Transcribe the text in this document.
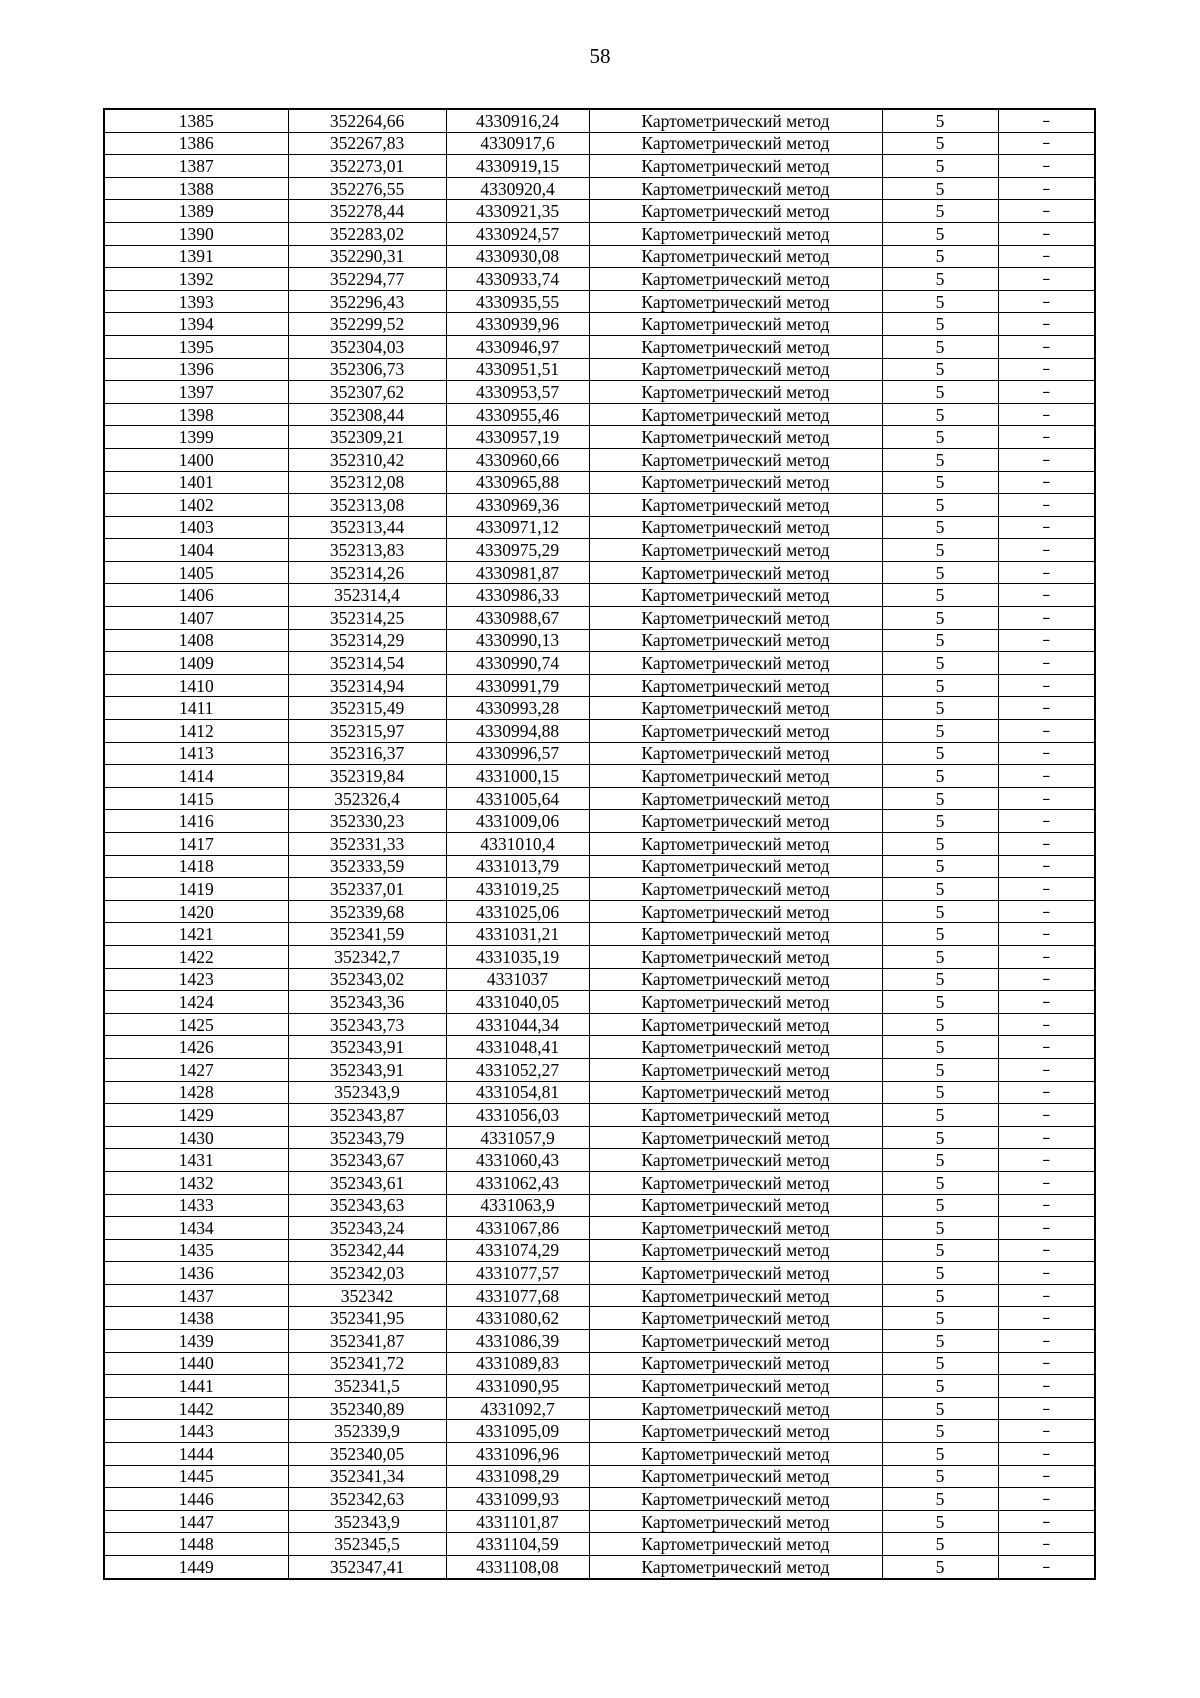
58
1385	352264,66	4330916,24	Картометрический метод	5	–
1386	352267,83	4330917,6	Картометрический метод	5	–
1387	352273,01	4330919,15	Картометрический метод	5	–
1388	352276,55	4330920,4	Картометрический метод	5	–
1389	352278,44	4330921,35	Картометрический метод	5	–
1390	352283,02	4330924,57	Картометрический метод	5	–
1391	352290,31	4330930,08	Картометрический метод	5	–
1392	352294,77	4330933,74	Картометрический метод	5	–
1393	352296,43	4330935,55	Картометрический метод	5	–
1394	352299,52	4330939,96	Картометрический метод	5	–
1395	352304,03	4330946,97	Картометрический метод	5	–
1396	352306,73	4330951,51	Картометрический метод	5	–
1397	352307,62	4330953,57	Картометрический метод	5	–
1398	352308,44	4330955,46	Картометрический метод	5	–
1399	352309,21	4330957,19	Картометрический метод	5	–
1400	352310,42	4330960,66	Картометрический метод	5	–
1401	352312,08	4330965,88	Картометрический метод	5	–
1402	352313,08	4330969,36	Картометрический метод	5	–
1403	352313,44	4330971,12	Картометрический метод	5	–
1404	352313,83	4330975,29	Картометрический метод	5	–
1405	352314,26	4330981,87	Картометрический метод	5	–
1406	352314,4	4330986,33	Картометрический метод	5	–
1407	352314,25	4330988,67	Картометрический метод	5	–
1408	352314,29	4330990,13	Картометрический метод	5	–
1409	352314,54	4330990,74	Картометрический метод	5	–
1410	352314,94	4330991,79	Картометрический метод	5	–
1411	352315,49	4330993,28	Картометрический метод	5	–
1412	352315,97	4330994,88	Картометрический метод	5	–
1413	352316,37	4330996,57	Картометрический метод	5	–
1414	352319,84	4331000,15	Картометрический метод	5	–
1415	352326,4	4331005,64	Картометрический метод	5	–
1416	352330,23	4331009,06	Картометрический метод	5	–
1417	352331,33	4331010,4	Картометрический метод	5	–
1418	352333,59	4331013,79	Картометрический метод	5	–
1419	352337,01	4331019,25	Картометрический метод	5	–
1420	352339,68	4331025,06	Картометрический метод	5	–
1421	352341,59	4331031,21	Картометрический метод	5	–
1422	352342,7	4331035,19	Картометрический метод	5	–
1423	352343,02	4331037	Картометрический метод	5	–
1424	352343,36	4331040,05	Картометрический метод	5	–
1425	352343,73	4331044,34	Картометрический метод	5	–
1426	352343,91	4331048,41	Картометрический метод	5	–
1427	352343,91	4331052,27	Картометрический метод	5	–
1428	352343,9	4331054,81	Картометрический метод	5	–
1429	352343,87	4331056,03	Картометрический метод	5	–
1430	352343,79	4331057,9	Картометрический метод	5	–
1431	352343,67	4331060,43	Картометрический метод	5	–
1432	352343,61	4331062,43	Картометрический метод	5	–
1433	352343,63	4331063,9	Картометрический метод	5	–
1434	352343,24	4331067,86	Картометрический метод	5	–
1435	352342,44	4331074,29	Картометрический метод	5	–
1436	352342,03	4331077,57	Картометрический метод	5	–
1437	352342	4331077,68	Картометрический метод	5	–
1438	352341,95	4331080,62	Картометрический метод	5	–
1439	352341,87	4331086,39	Картометрический метод	5	–
1440	352341,72	4331089,83	Картометрический метод	5	–
1441	352341,5	4331090,95	Картометрический метод	5	–
1442	352340,89	4331092,7	Картометрический метод	5	–
1443	352339,9	4331095,09	Картометрический метод	5	–
1444	352340,05	4331096,96	Картометрический метод	5	–
1445	352341,34	4331098,29	Картометрический метод	5	–
1446	352342,63	4331099,93	Картометрический метод	5	–
1447	352343,9	4331101,87	Картометрический метод	5	–
1448	352345,5	4331104,59	Картометрический метод	5	–
1449	352347,41	4331108,08	Картометрический метод	5	–
